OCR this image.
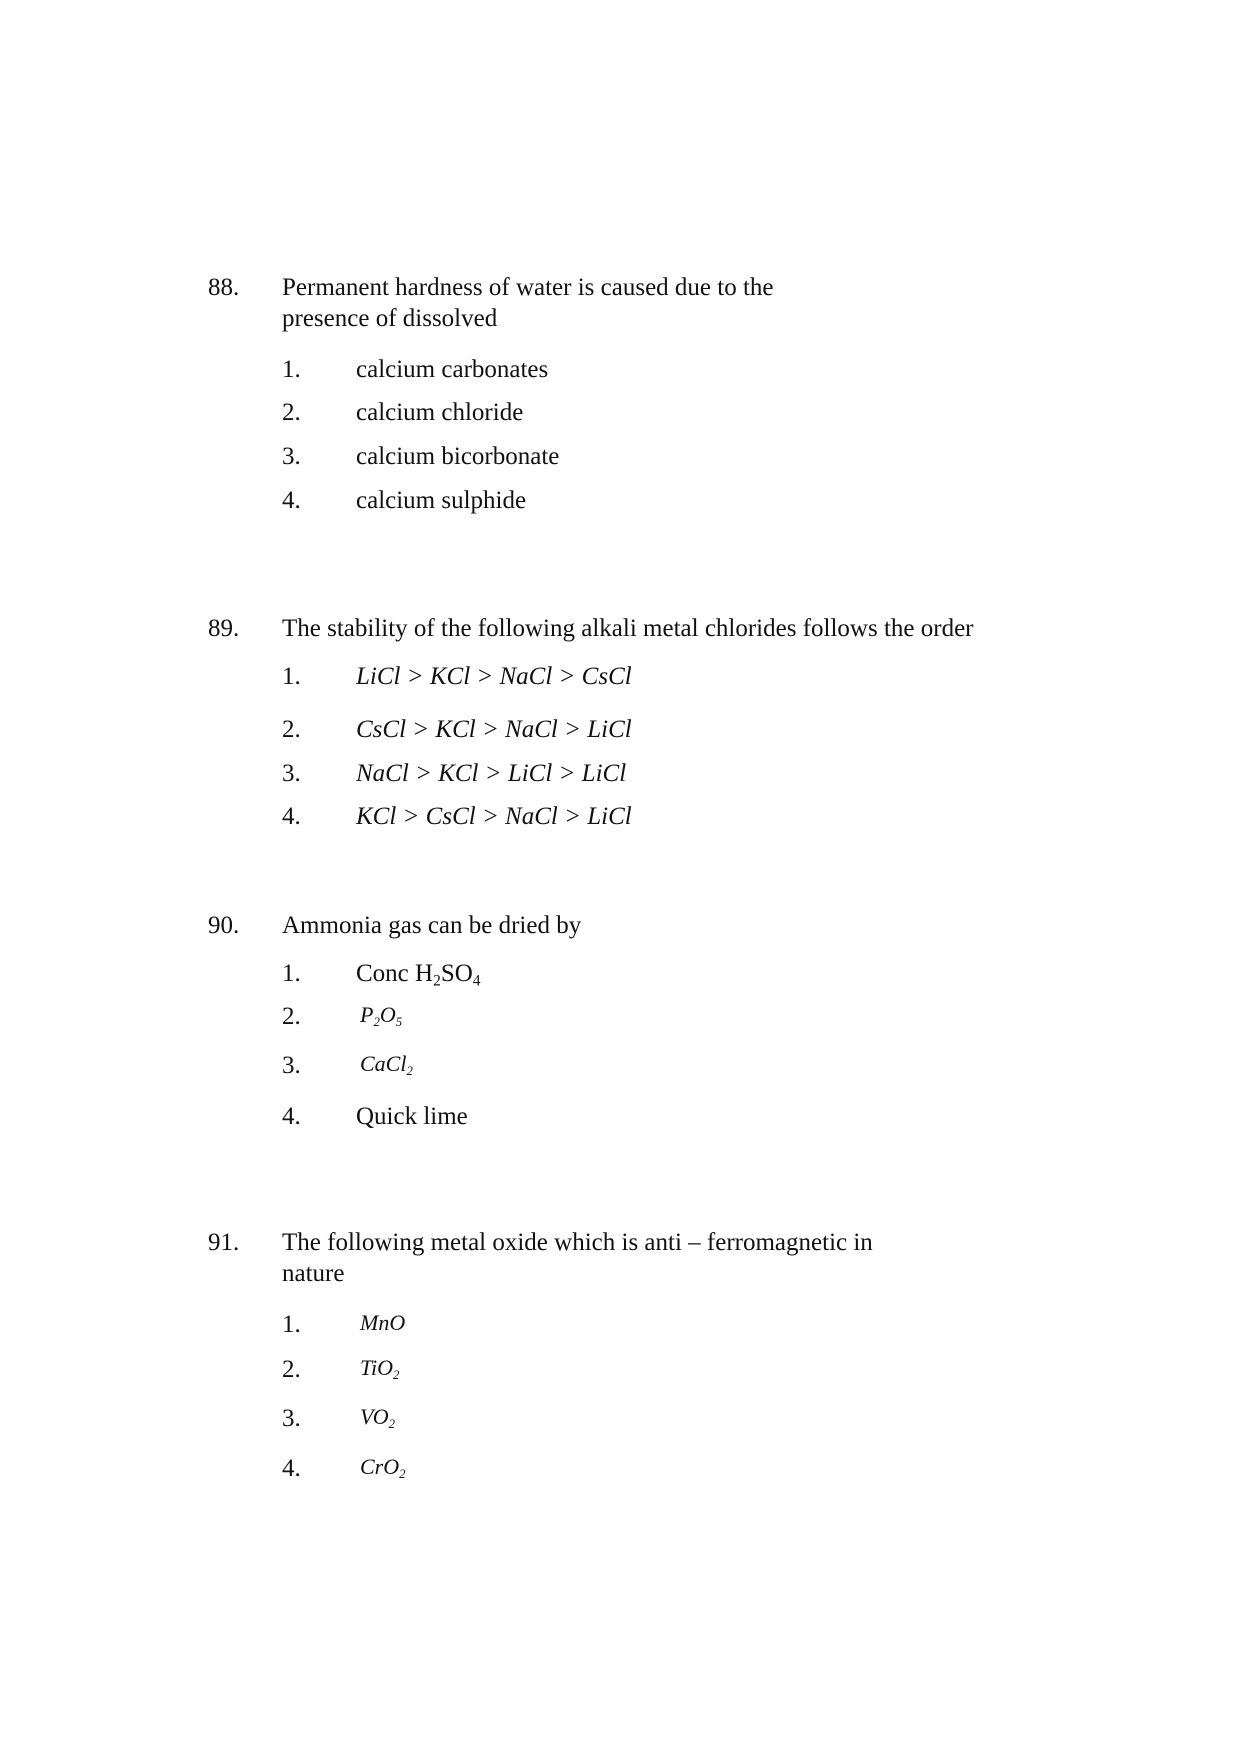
88.	Permanent hardness of water is caused due to the presence of dissolved
1.	calcium carbonates
2.	calcium chloride
3.	calcium bicorbonate
4.	calcium sulphide
89.	The stability of the following alkali metal chlorides follows the order
1.	LiCl > KCl > NaCl > CsCl
2.	CsCl > KCl > NaCl > LiCl
3.	NaCl > KCl > LiCl > LiCl
4.	KCl > CsCl > NaCl > LiCl
90.	Ammonia gas can be dried by
1.	Conc $H_2SO_4$
2.	$P_2O_5$
3.	CaCl$_2$
4.	Quick lime
91.	The following metal oxide which is anti – ferromagnetic in nature
1.	MnO
2.	TiO$_2$
3.	$VO_2$
4.	CrO$_2$
